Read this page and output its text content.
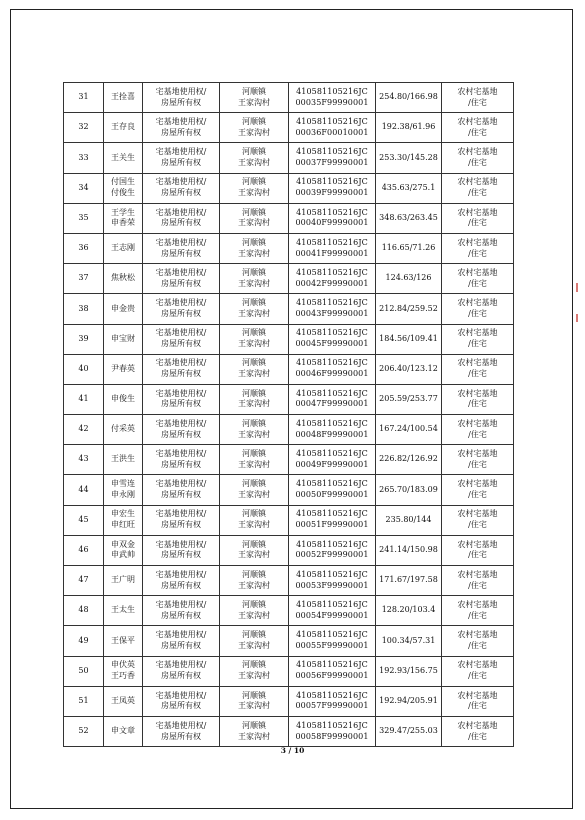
31	王拴喜	宅基地使用权/
房屋所有权	河顺镇
王家沟村	41058110521​6JC
00035F99990001	254.80/166.98	农村宅基地
/住宅

32	王存良	宅基地使用权/
房屋所有权	河顺镇
王家沟村	410581105216JC
00036F00010001	192.38/61.96	农村宅基地
/住宅

33	王关生	宅基地使用权/
房屋所有权	河顺镇
王家沟村	410581105216JC
00037F99990001	253.30/145.28	农村宅基地
/住宅

34	付国生
付俊生	宅基地使用权/
房屋所有权	河顺镇
王家沟村	410581105216JC
00039F99990001	435.63/275.1	农村宅基地
/住宅

35	王学生
申香荣	宅基地使用权/
房屋所有权	河顺镇
王家沟村	410581105216JC
00040F99990001	348.63/263.45	农村宅基地
/住宅

36	王志刚	宅基地使用权/
房屋所有权	河顺镇
王家沟村	410581105216JC
00041F99990001	116.65/71.26	农村宅基地
/住宅

37	焦秋松	宅基地使用权/
房屋所有权	河顺镇
王家沟村	410581105216JC
00042F99990001	124.63/126	农村宅基地
/住宅

38	申金贵	宅基地使用权/
房屋所有权	河顺镇
王家沟村	410581105216JC
00043F99990001	212.84/259.52	农村宅基地
/住宅

39	申宝财	宅基地使用权/
房屋所有权	河顺镇
王家沟村	410581105216JC
00045F99990001	184.56/109.41	农村宅基地
/住宅

40	尹春英	宅基地使用权/
房屋所有权	河顺镇
王家沟村	410581105216JC
00046F99990001	206.40/123.12	农村宅基地
/住宅

41	申俊生	宅基地使用权/
房屋所有权	河顺镇
王家沟村	410581105216JC
00047F99990001	205.59/253.77	农村宅基地
/住宅

42	付采英	宅基地使用权/
房屋所有权	河顺镇
王家沟村	410581105216JC
00048F99990001	167.24/100.54	农村宅基地
/住宅

43	王洪生	宅基地使用权/
房屋所有权	河顺镇
王家沟村	410581105216JC
00049F99990001	226.82/126.92	农村宅基地
/住宅

44	申雪连
申永刚	宅基地使用权/
房屋所有权	河顺镇
王家沟村	410581105216JC
00050F99990001	265.70/183.09	农村宅基地
/住宅

45	申宏生
申红旺	宅基地使用权/
房屋所有权	河顺镇
王家沟村	410581105216JC
00051F99990001	235.80/144	农村宅基地
/住宅

46	申双金
申武帅	宅基地使用权/
房屋所有权	河顺镇
王家沟村	410581105216JC
00052F99990001	241.14/150.98	农村宅基地
/住宅

47	王广明	宅基地使用权/
房屋所有权	河顺镇
王家沟村	410581105216JC
00053F99990001	171.67/197.58	农村宅基地
/住宅

48	王太生	宅基地使用权/
房屋所有权	河顺镇
王家沟村	410581105216JC
00054F99990001	128.20/103.4	农村宅基地
/住宅

49	王保平	宅基地使用权/
房屋所有权	河顺镇
王家沟村	410581105216JC
00055F99990001	100.34/57.31	农村宅基地
/住宅

50	申伏英
王巧香	宅基地使用权/
房屋所有权	河顺镇
王家沟村	410581105216JC
00056F99990001	192.93/156.75	农村宅基地
/住宅

51	王凤英	宅基地使用权/
房屋所有权	河顺镇
王家沟村	410581105216JC
00057F99990001	192.94/205.91	农村宅基地
/住宅

52	申文章	宅基地使用权/
房屋所有权	河顺镇
王家沟村	410581105216JC
00058F99990001	329.47/255.03	农村宅基地
/住宅
3 / 10
